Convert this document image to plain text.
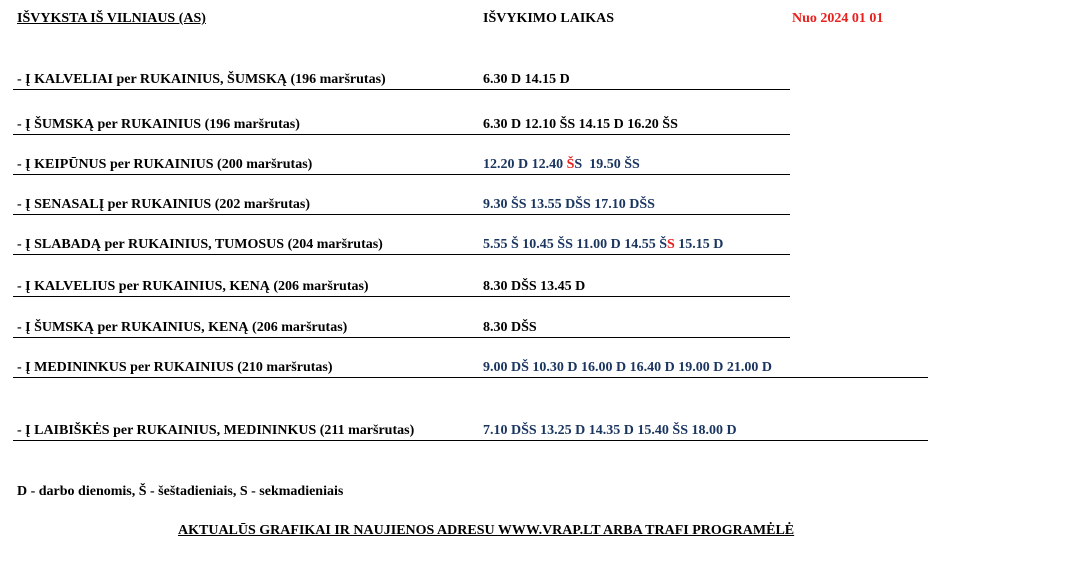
IŠVYKSTA IŠ VILNIAUS (AS)	IŠVYKIMO LAIKAS	Nuo 2024 01 01
- Į KALVELIAI per RUKAINIUS, ŠUMSKĄ (196 maršrutas)	6.30 D 14.15 D
- Į ŠUMSKĄ per RUKAINIUS (196 maršrutas)	6.30 D 12.10 ŠS 14.15 D 16.20 ŠS
- Į KEIPŪNUS per RUKAINIUS (200 maršrutas)	12.20 D 12.40 ŠS  19.50 ŠS
- Į SENASALĮ per RUKAINIUS (202 maršrutas)	9.30 ŠS 13.55 DŠS 17.10 DŠS
- Į SLABADĄ per RUKAINIUS, TUMOSUS (204 maršrutas)	5.55 Š 10.45 ŠS 11.00 D 14.55 ŠS 15.15 D
- Į KALVELIUS per RUKAINIUS, KENĄ (206 maršrutas)	8.30 DŠS 13.45 D
- Į ŠUMSKĄ per RUKAINIUS, KENĄ (206 maršrutas)	8.30 DŠS
- Į MEDININKUS per RUKAINIUS (210 maršrutas)	9.00 DŠ 10.30 D 16.00 D 16.40 D 19.00 D 21.00 D
- Į LAIBIŠKĖS per RUKAINIUS, MEDININKUS (211 maršrutas)	7.10 DŠS 13.25 D 14.35 D 15.40 ŠS 18.00 D
D - darbo dienomis, Š - šeštadieniais, S - sekmadieniais
AKTUALŪS GRAFIKAI IR NAUJIENOS ADRESU WWW.VRAP.LT ARBA TRAFI PROGRAMĖLĖ
